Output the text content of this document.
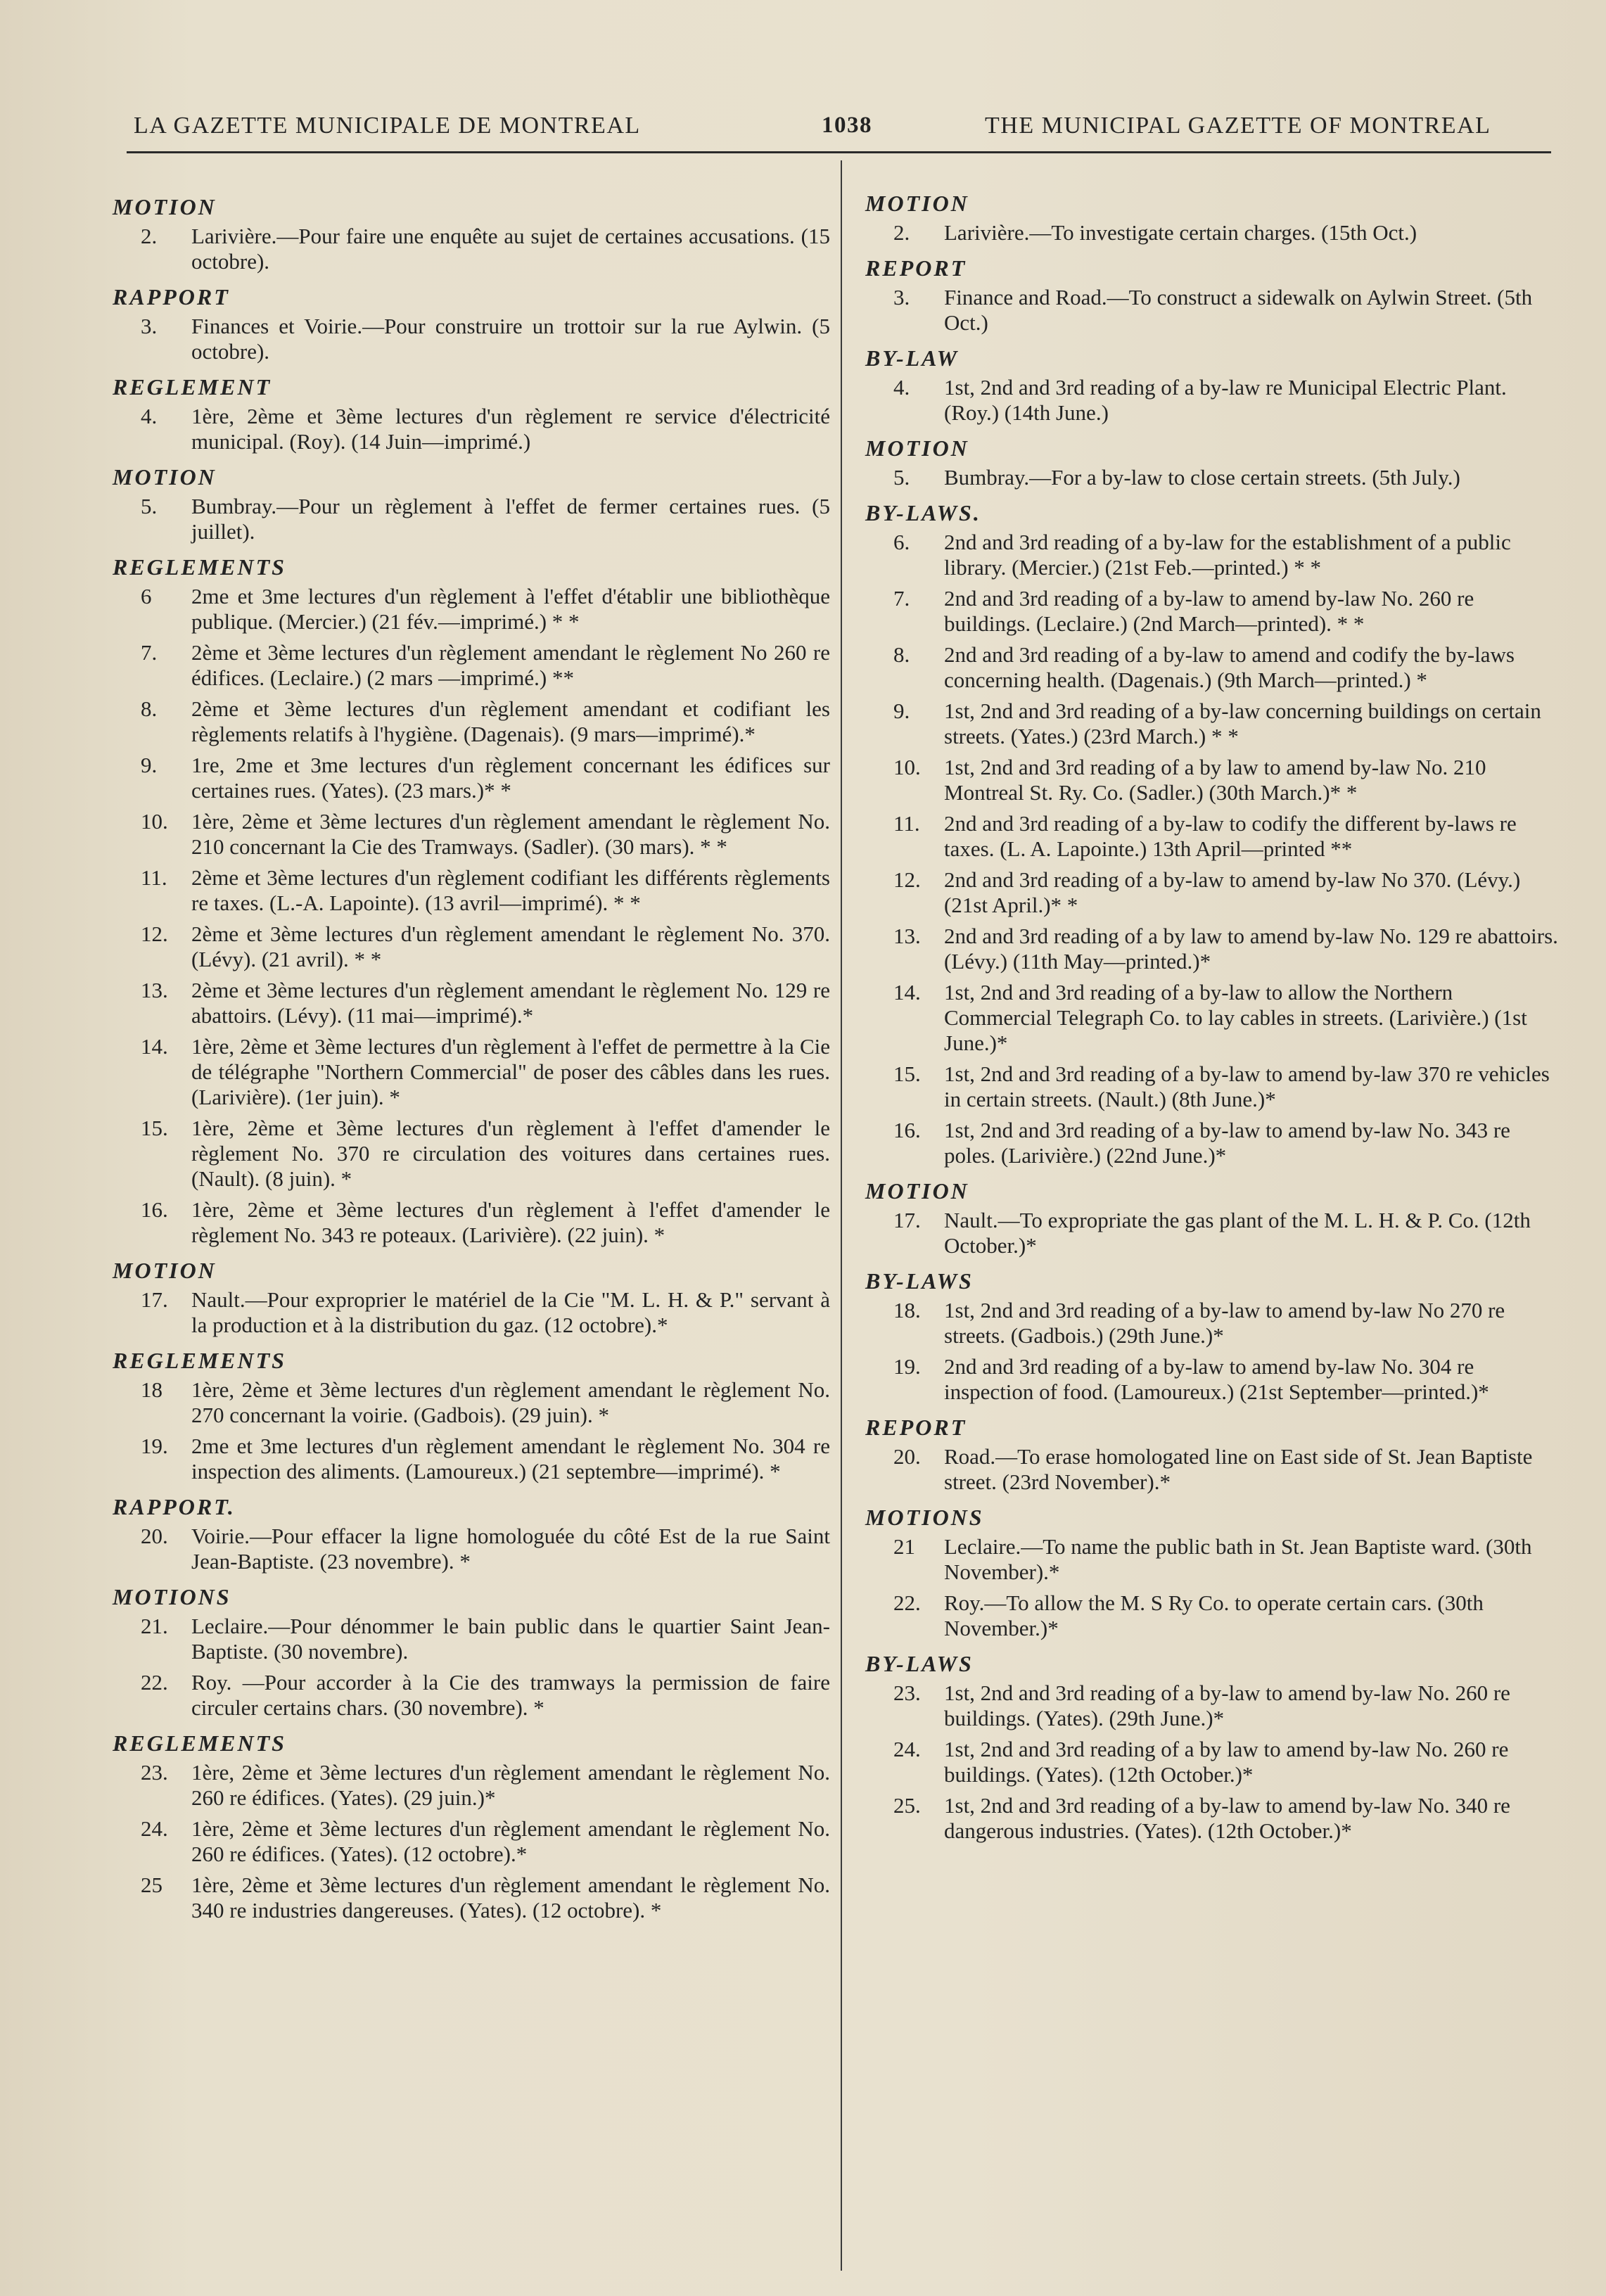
LA GAZETTE MUNICIPALE DE MONTREAL	1038	THE MUNICIPAL GAZETTE OF MONTREAL
MOTION
2.	Larivière.—Pour faire une enquête au sujet de certaines accusations. (15 octobre).
RAPPORT
3.	Finances et Voirie.—Pour construire un trottoir sur la rue Aylwin. (5 octobre).
REGLEMENT
4.	1ère, 2ème et 3ème lectures d'un règlement re service d'électricité municipal. (Roy). (14 Juin—imprimé.)
MOTION
5.	Bumbray.—Pour un règlement à l'effet de fermer certaines rues. (5 juillet).
REGLEMENTS
6	2me et 3me lectures d'un règlement à l'effet d'établir une bibliothèque publique. (Mercier.) (21 fév.—imprimé.) * *
7.	2ème et 3ème lectures d'un règlement amendant le règlement No 260 re édifices. (Leclaire.) (2 mars —imprimé.) **
8.	2ème et 3ème lectures d'un règlement amendant et codifiant les règlements relatifs à l'hygiène. (Dagenais). (9 mars—imprimé).*
9.	1re, 2me et 3me lectures d'un règlement concernant les édifices sur certaines rues. (Yates). (23 mars.)* *
10.	1ère, 2ème et 3ème lectures d'un règlement amendant le règlement No. 210 concernant la Cie des Tramways. (Sadler). (30 mars). * *
11.	2ème et 3ème lectures d'un règlement codifiant les différents règlements re taxes. (L.-A. Lapointe). (13 avril—imprimé). * *
12.	2ème et 3ème lectures d'un règlement amendant le règlement No. 370. (Lévy). (21 avril). * *
13.	2ème et 3ème lectures d'un règlement amendant le règlement No. 129 re abattoirs. (Lévy). (11 mai—imprimé).*
14.	1ère, 2ème et 3ème lectures d'un règlement à l'effet de permettre à la Cie de télégraphe "Northern Commercial" de poser des câbles dans les rues. (Larivière). (1er juin). *
15.	1ère, 2ème et 3ème lectures d'un règlement à l'effet d'amender le règlement No. 370 re circulation des voitures dans certaines rues. (Nault). (8 juin). *
16.	1ère, 2ème et 3ème lectures d'un règlement à l'effet d'amender le règlement No. 343 re poteaux. (Larivière). (22 juin). *
MOTION
17.	Nault.—Pour exproprier le matériel de la Cie "M. L. H. & P." servant à la production et à la distribution du gaz. (12 octobre).*
REGLEMENTS
18	1ère, 2ème et 3ème lectures d'un règlement amendant le règlement No. 270 concernant la voirie. (Gadbois). (29 juin). *
19.	2me et 3me lectures d'un règlement amendant le règlement No. 304 re inspection des aliments. (Lamoureux.) (21 septembre—imprimé). *
RAPPORT.
20.	Voirie.—Pour effacer la ligne homologuée du côté Est de la rue Saint Jean-Baptiste. (23 novembre). *
MOTIONS
21.	Leclaire.—Pour dénommer le bain public dans le quartier Saint Jean-Baptiste. (30 novembre).
22.	Roy. —Pour accorder à la Cie des tramways la permission de faire circuler certains chars. (30 novembre). *
REGLEMENTS
23.	1ère, 2ème et 3ème lectures d'un règlement amendant le règlement No. 260 re édifices. (Yates). (29 juin.)*
24.	1ère, 2ème et 3ème lectures d'un règlement amendant le règlement No. 260 re édifices. (Yates). (12 octobre).*
25	1ère, 2ème et 3ème lectures d'un règlement amendant le règlement No. 340 re industries dangereuses. (Yates). (12 octobre). *
MOTION
2.	Larivière.—To investigate certain charges. (15th Oct.)
REPORT
3.	Finance and Road.—To construct a sidewalk on Aylwin Street. (5th Oct.)
BY-LAW
4.	1st, 2nd and 3rd reading of a by-law re Municipal Electric Plant. (Roy.) (14th June.)
MOTION
5.	Bumbray.—For a by-law to close certain streets. (5th July.)
BY-LAWS.
6.	2nd and 3rd reading of a by-law for the establishment of a public library. (Mercier.) (21st Feb.—printed.) * *
7.	2nd and 3rd reading of a by-law to amend by-law No. 260 re buildings. (Leclaire.) (2nd March—printed). * *
8.	2nd and 3rd reading of a by-law to amend and codify the by-laws concerning health. (Dagenais.) (9th March—printed.) *
9.	1st, 2nd and 3rd reading of a by-law concerning buildings on certain streets. (Yates.) (23rd March.) * *
10.	1st, 2nd and 3rd reading of a by law to amend by-law No. 210 Montreal St. Ry. Co. (Sadler.) (30th March.)* *
11.	2nd and 3rd reading of a by-law to codify the different by-laws re taxes. (L. A. Lapointe.) 13th April—printed **
12.	2nd and 3rd reading of a by-law to amend by-law No 370. (Lévy.) (21st April.)* *
13.	2nd and 3rd reading of a by law to amend by-law No. 129 re abattoirs. (Lévy.) (11th May—printed.)*
14.	1st, 2nd and 3rd reading of a by-law to allow the Northern Commercial Telegraph Co. to lay cables in streets. (Larivière.) (1st June.)*
15.	1st, 2nd and 3rd reading of a by-law to amend by-law 370 re vehicles in certain streets. (Nault.) (8th June.)*
16.	1st, 2nd and 3rd reading of a by-law to amend by-law No. 343 re poles. (Larivière.) (22nd June.)*
MOTION
17.	Nault.—To expropriate the gas plant of the M. L. H. & P. Co. (12th October.)*
BY-LAWS
18.	1st, 2nd and 3rd reading of a by-law to amend by-law No 270 re streets. (Gadbois.) (29th June.)*
19.	2nd and 3rd reading of a by-law to amend by-law No. 304 re inspection of food. (Lamoureux.) (21st September—printed.)*
REPORT
20.	Road.—To erase homologated line on East side of St. Jean Baptiste street. (23rd November).*
MOTIONS
21	Leclaire.—To name the public bath in St. Jean Baptiste ward. (30th November).*
22.	Roy.—To allow the M. S Ry Co. to operate certain cars. (30th November.)*
BY-LAWS
23.	1st, 2nd and 3rd reading of a by-law to amend by-law No. 260 re buildings. (Yates). (29th June.)*
24.	1st, 2nd and 3rd reading of a by law to amend by-law No. 260 re buildings. (Yates). (12th October.)*
25.	1st, 2nd and 3rd reading of a by-law to amend by-law No. 340 re dangerous industries. (Yates). (12th October.)*
